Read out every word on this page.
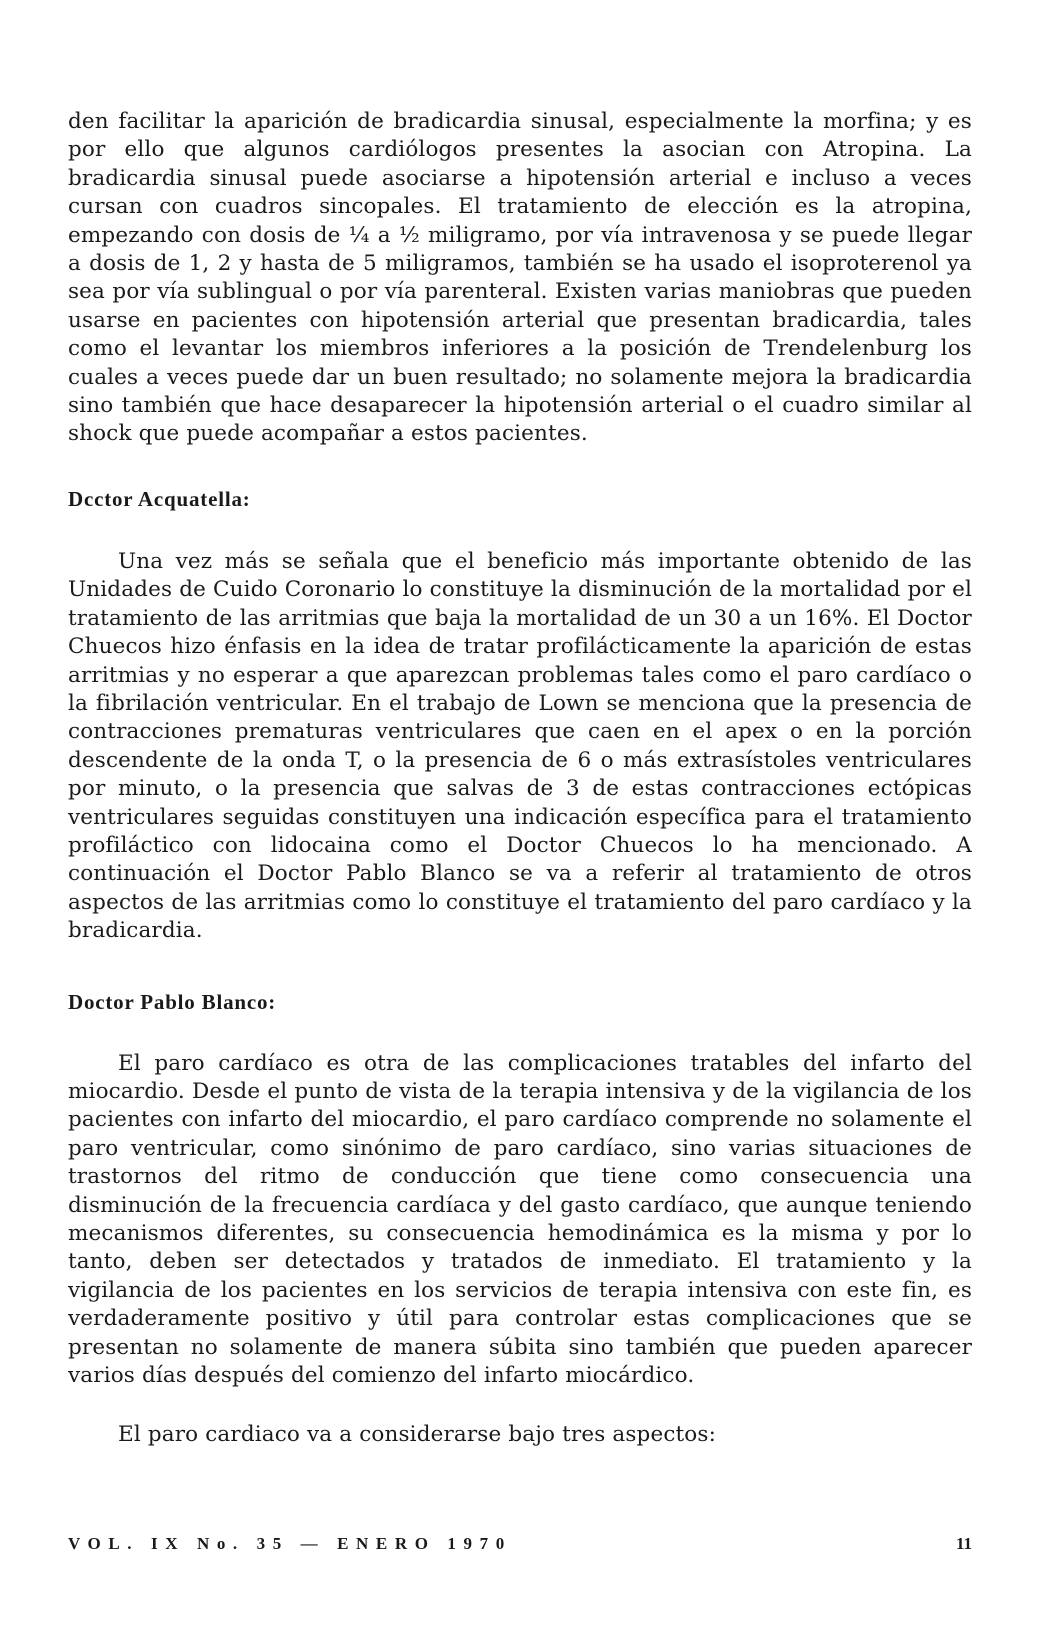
den facilitar la aparición de bradicardia sinusal, especialmente la morfina; y es por ello que algunos cardiólogos presentes la asocian con Atropina. La bradicardia sinusal puede asociarse a hipotensión arterial e incluso a veces cursan con cuadros sincopales. El tratamiento de elección es la atropina, empezando con dosis de ¼ a ½ miligramo, por vía intravenosa y se puede llegar a dosis de 1, 2 y hasta de 5 miligramos, también se ha usado el isoproterenol ya sea por vía sublingual o por vía parenteral. Existen varias maniobras que pueden usarse en pacientes con hipotensión arterial que presentan bradicardia, tales como el levantar los miembros inferiores a la posición de Trendelenburg los cuales a veces puede dar un buen resultado; no solamente mejora la bradicardia sino también que hace desaparecer la hipotensión arterial o el cuadro similar al shock que puede acompañar a estos pacientes.

Dcctor Acquatella:

Una vez más se señala que el beneficio más importante obtenido de las Unidades de Cuido Coronario lo constituye la disminución de la mortalidad por el tratamiento de las arritmias que baja la mortalidad de un 30 a un 16%. El Doctor Chuecos hizo énfasis en la idea de tratar profilácticamente la aparición de estas arritmias y no esperar a que aparezcan problemas tales como el paro cardíaco o la fibrilación ventricular. En el trabajo de Lown se menciona que la presencia de contracciones prematuras ventriculares que caen en el apex o en la porción descendente de la onda T, o la presencia de 6 o más extrasístoles ventriculares por minuto, o la presencia que salvas de 3 de estas contracciones ectópicas ventriculares seguidas constituyen una indicación específica para el tratamiento profiláctico con lidocaina como el Doctor Chuecos lo ha mencionado. A continuación el Doctor Pablo Blanco se va a referir al tratamiento de otros aspectos de las arritmias como lo constituye el tratamiento del paro cardíaco y la bradicardia.

Doctor Pablo Blanco:

El paro cardíaco es otra de las complicaciones tratables del infarto del miocardio. Desde el punto de vista de la terapia intensiva y de la vigilancia de los pacientes con infarto del miocardio, el paro cardíaco comprende no solamente el paro ventricular, como sinónimo de paro cardíaco, sino varias situaciones de trastornos del ritmo de conducción que tiene como consecuencia una disminución de la frecuencia cardíaca y del gasto cardíaco, que aunque teniendo mecanismos diferentes, su consecuencia hemodinámica es la misma y por lo tanto, deben ser detectados y tratados de inmediato. El tratamiento y la vigilancia de los pacientes en los servicios de terapia intensiva con este fin, es verdaderamente positivo y útil para controlar estas complicaciones que se presentan no solamente de manera súbita sino también que pueden aparecer varios días después del comienzo del infarto miocárdico.

El paro cardiaco va a considerarse bajo tres aspectos:

VOL. IX No. 35 — ENERO 1970	11
